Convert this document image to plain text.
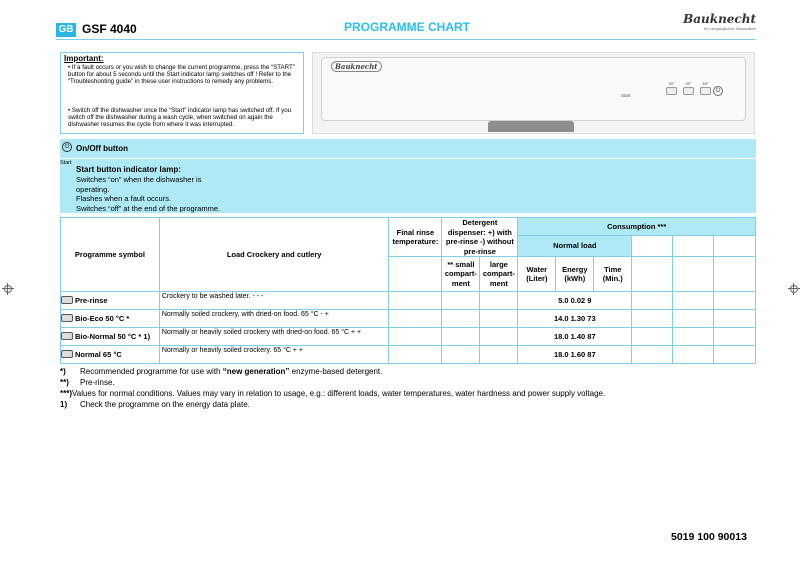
GB GSF 4040	PROGRAMME CHART
Bauknecht
für vergnügliches Haushalten
Important:
• If a fault occurs or you wish to change the current programme, press the “START” button for about 5 seconds until the Start indicator lamp switches off ! Refer to the “Troubleshooting guide” in these user instructions to remedy any problems.
• Switch off the dishwasher once the “Start” indicator lamp has switched off. If you switch off the dishwasher during a wash cycle, when switched on again the dishwasher resumes the cycle from where it was interrupted.
Bauknecht
Start
50°	50°	65°
⏻
⏻ On/Off button
Start
Start button indicator lamp:
Switches “on” when the dishwasher is operating.
Flashes when a fault occurs.
Switches “off” at the end of the programme.
Programme symbol	Load Crockery and cutlery	Final rinse temperature:	Detergent dispenser: +) with pre-rinse -) without pre-rinse		Consumption ***					
					Normal load					
			** small compart-ment	large compart-ment	Water (Liter)	Energy (kWh)	Time (Min.)			
Pre-rinse	Crockery to be washed later. - - -				5.0 0.02 9					
Bio-Eco 50 °C *	Normally soiled crockery, with dried-on food. 65 °C - +				14.0 1.30 73					
Bio-Normal 50 °C * 1)	Normally or heavily soiled crockery with dried-on food. 65 °C + +				18.0 1.40 87					
Normal 65 °C	Normally or heavily soiled crockery. 65 °C + +				18.0 1.60 87					
*) Recommended programme for use with “new generation” enzyme-based detergent.
**) Pre-rinse.
***)Values for normal conditions. Values may vary in relation to usage, e.g.: different loads, water temperatures, water hardness and power supply voltage.
1) Check the programme on the energy data plate.
5019 100 90013
